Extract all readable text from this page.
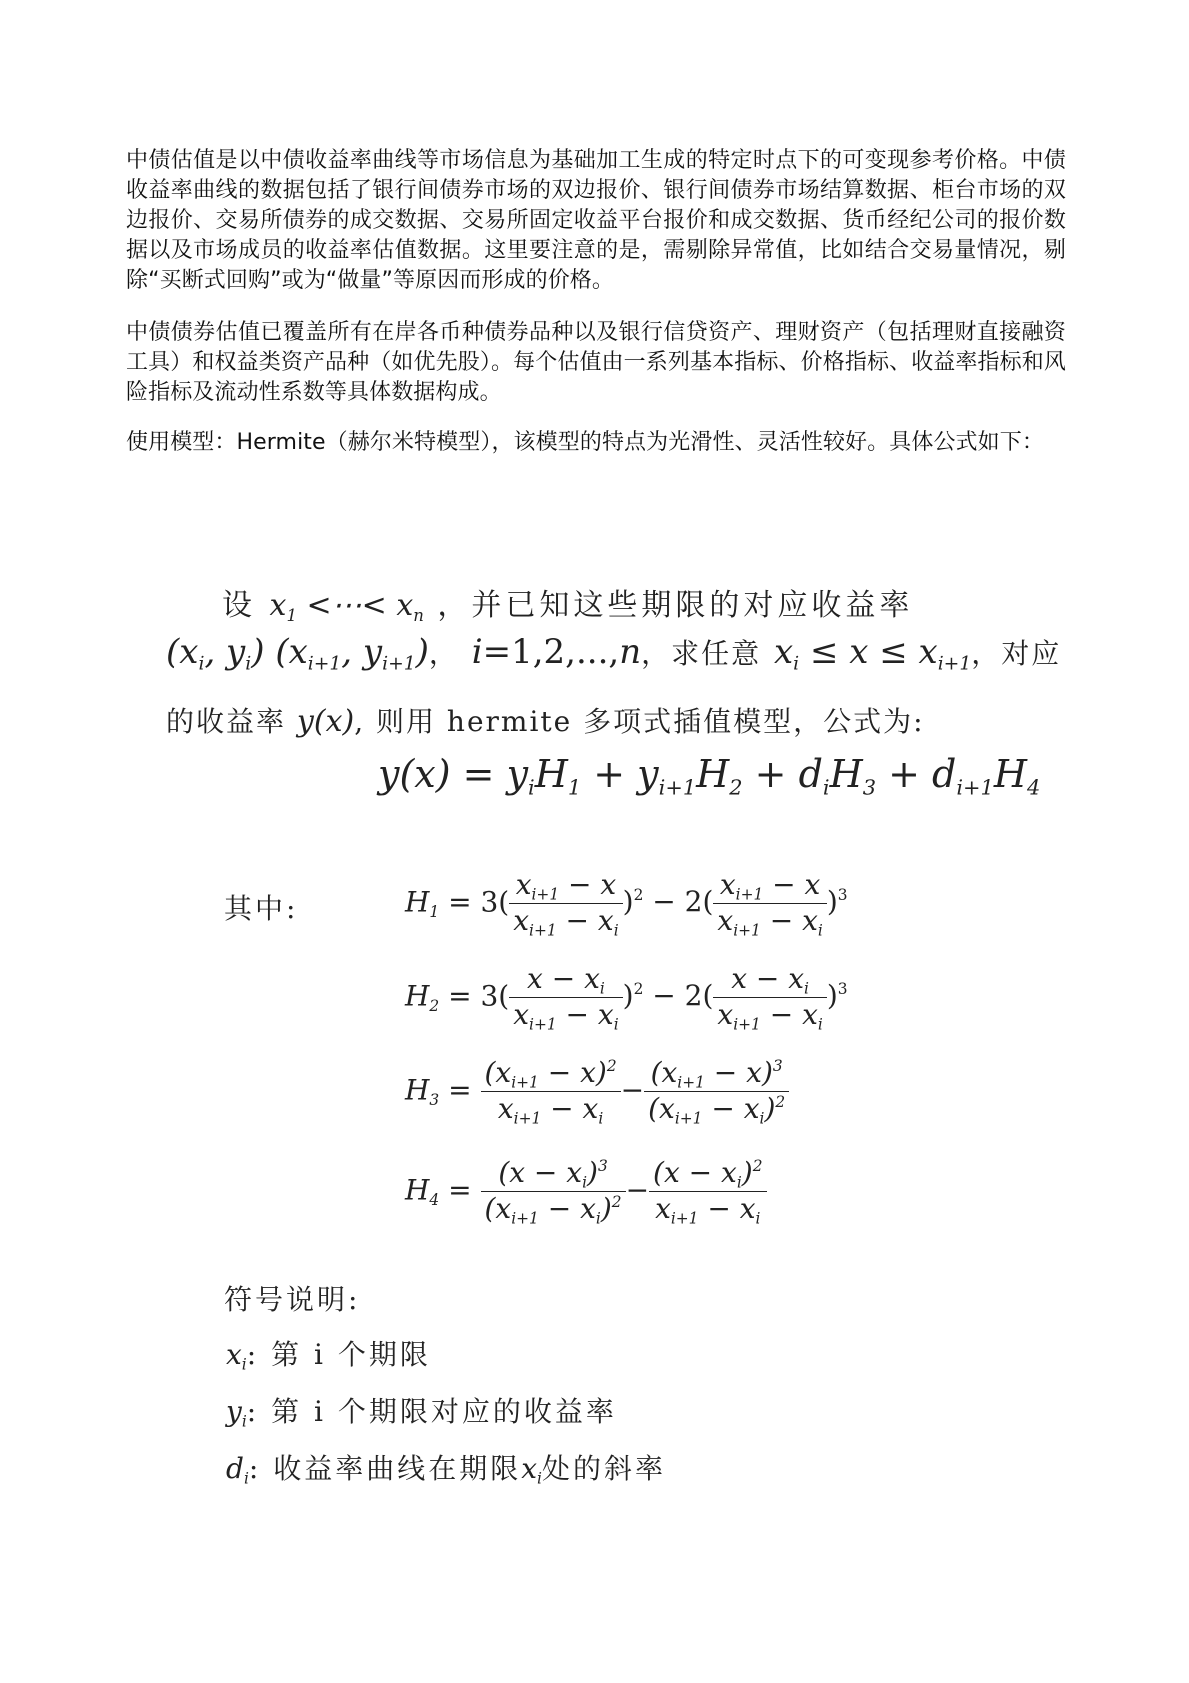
中债估值是以中债收益率曲线等市场信息为基础加工生成的特定时点下的可变现参考价格。中债收益率曲线的数据包括了银行间债券市场的双边报价、银行间债券市场结算数据、柜台市场的双边报价、交易所债券的成交数据、交易所固定收益平台报价和成交数据、货币经纪公司的报价数据以及市场成员的收益率估值数据。这里要注意的是，需剔除异常值，比如结合交易量情况，剔除“买断式回购”或为“做量”等原因而形成的价格。

中债债券估值已覆盖所有在岸各币种债券品种以及银行信贷资产、理财资产（包括理财直接融资工具）和权益类资产品种（如优先股）。每个估值由一系列基本指标、价格指标、收益率指标和风险指标及流动性系数等具体数据构成。

使用模型：Hermite（赫尔米特模型），该模型的特点为光滑性、灵活性较好。具体公式如下：

设 $x_1$ <⋯< $x_n$ ，并已知这些期限的对应收益率
($x_i$, $y_i$) ($x_{i+1}$, $y_{i+1}$)， i=1,2,...,n，求任意 $x_i \le x \le x_{i+1}$，对应
的收益率 y(x), 则用 hermite 多项式插值模型，公式为:
$y(x) = y_iH_1 + y_{i+1}H_2 + d_iH_3 + d_{i+1}H_4$
其中:	$H_1 = 3( \frac{x_{i+1} - x}{x_{i+1} - x_i} )^2 - 2( \frac{x_{i+1} - x}{x_{i+1} - x_i} )^3$
$H_2 = 3( \frac{x - x_i}{x_{i+1} - x_i} )^2 - 2( \frac{x - x_i}{x_{i+1} - x_i} )^3$
$H_3 = \frac{(x_{i+1} - x)^2}{x_{i+1} - x_i} - \frac{(x_{i+1} - x)^3}{(x_{i+1} - x_i)^2}$
$H_4 = \frac{(x - x_i)^3}{(x_{i+1} - x_i)^2} - \frac{(x - x_i)^2}{x_{i+1} - x_i}$
符号说明:
$x_i$: 第 i 个期限
$y_i$: 第 i 个期限对应的收益率
$d_i$: 收益率曲线在期限$x_i$处的斜率
